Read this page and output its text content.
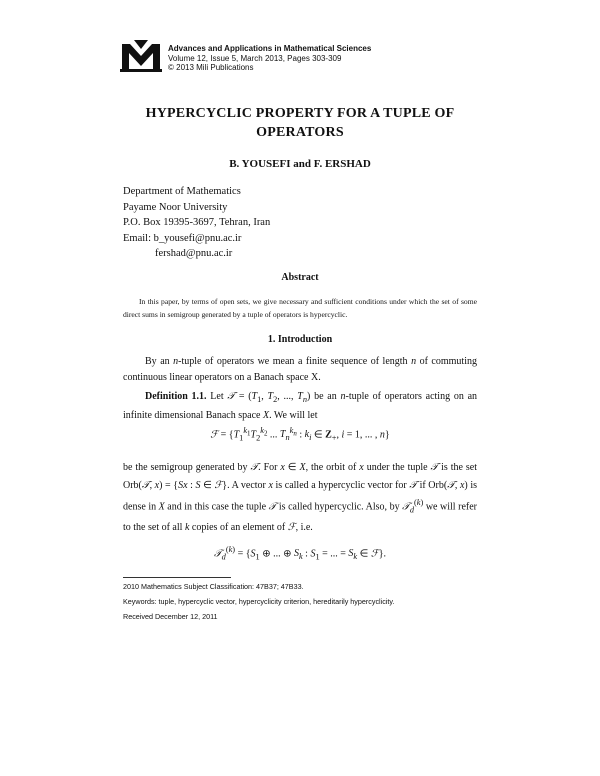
Advances and Applications in Mathematical Sciences
Volume 12, Issue 5, March 2013, Pages 303-309
© 2013 Mili Publications
HYPERCYCLIC PROPERTY FOR A TUPLE OF
OPERATORS
B. YOUSEFI and F. ERSHAD
Department of Mathematics
Payame Noor University
P.O. Box 19395-3697, Tehran, Iran
Email: b_yousefi@pnu.ac.ir
fershad@pnu.ac.ir
Abstract
In this paper, by terms of open sets, we give necessary and sufficient conditions under which the set of some direct sums in semigroup generated by a tuple of operators is hypercyclic.
1. Introduction
By an n-tuple of operators we mean a finite sequence of length n of commuting continuous linear operators on a Banach space X.
Definition 1.1. Let 𝒯 = ($T_1$, $T_2$, ..., $T_n$) be an n-tuple of operators acting on an infinite dimensional Banach space X. We will let
ℱ = {$T_1^{k_1}T_2^{k_2}$ ... $T_n^{k_n}$ : $k_i$ ∈ $Z_+$, i = 1, ... , n}
be the semigroup generated by 𝒯. For x ∈ X, the orbit of x under the tuple 𝒯 is the set Orb(𝒯, x) = {Sx : S ∈ ℱ}. A vector x is called a hypercyclic vector for 𝒯 if Orb(𝒯, x) is dense in X and in this case the tuple 𝒯 is called hypercyclic. Also, by 𝒯$_d^{(k)}$ we will refer to the set of all k copies of an element of ℱ, i.e.
𝒯$_d^{(k)}$ = {$S_1$ ⊕ ... ⊕ $S_k$ : $S_1$ = ... = $S_k$ ∈ ℱ}.
2010 Mathematics Subject Classification: 47B37; 47B33.
Keywords: tuple, hypercyclic vector, hypercyclicity criterion, hereditarily hypercyclicity.
Received December 12, 2011
